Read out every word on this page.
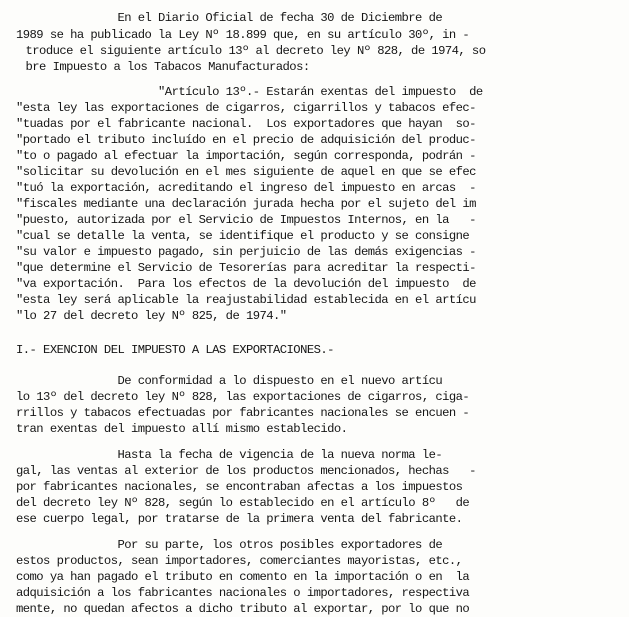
En el Diario Oficial de fecha 30 de Diciembre de
1989 se ha publicado la Ley Nº 18.899 que, en su artículo 30º, in -
troduce el siguiente artículo 13º al decreto ley Nº 828, de 1974, so
bre Impuesto a los Tabacos Manufacturados:
"Artículo 13º.- Estarán exentas del impuesto  de
"esta ley las exportaciones de cigarros, cigarrillos y tabacos efec-
"tuadas por el fabricante nacional.  Los exportadores que hayan  so-
"portado el tributo incluído en el precio de adquisición del produc-
"to o pagado al efectuar la importación, según corresponda, podrán -
"solicitar su devolución en el mes siguiente de aquel en que se efec
"tuó la exportación, acreditando el ingreso del impuesto en arcas  -
"fiscales mediante una declaración jurada hecha por el sujeto del im
"puesto, autorizada por el Servicio de Impuestos Internos, en la   -
"cual se detalle la venta, se identifique el producto y se consigne
"su valor e impuesto pagado, sin perjuicio de las demás exigencias -
"que determine el Servicio de Tesorerías para acreditar la respecti-
"va exportación.  Para los efectos de la devolución del impuesto  de
"esta ley será aplicable la reajustabilidad establecida en el artícu
"lo 27 del decreto ley Nº 825, de 1974."
I.- EXENCION DEL IMPUESTO A LAS EXPORTACIONES.-
De conformidad a lo dispuesto en el nuevo artícu
lo 13º del decreto ley Nº 828, las exportaciones de cigarros, ciga-
rrillos y tabacos efectuadas por fabricantes nacionales se encuen -
tran exentas del impuesto allí mismo establecido.
Hasta la fecha de vigencia de la nueva norma le-
gal, las ventas al exterior de los productos mencionados, hechas   -
por fabricantes nacionales, se encontraban afectas a los impuestos
del decreto ley Nº 828, según lo establecido en el artículo 8º   de
ese cuerpo legal, por tratarse de la primera venta del fabricante.
Por su parte, los otros posibles exportadores de
estos productos, sean importadores, comerciantes mayoristas, etc.,
como ya han pagado el tributo en comento en la importación o en  la
adquisición a los fabricantes nacionales o importadores, respectiva
mente, no quedan afectos a dicho tributo al exportar, por lo que no
